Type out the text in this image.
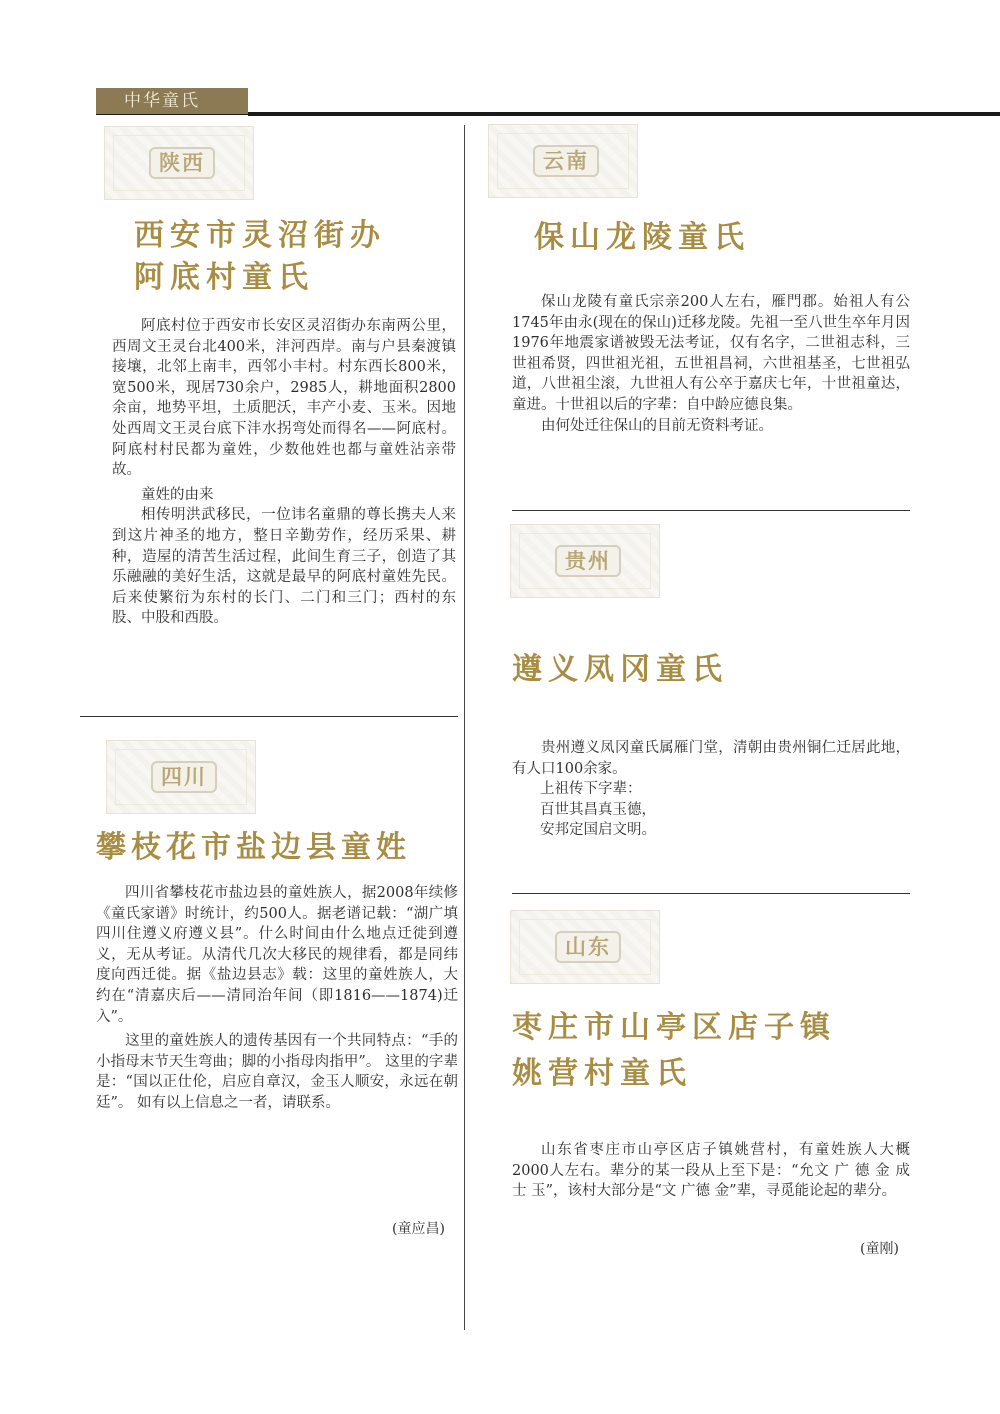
中华童氏
陕西
西安市灵沼街办
阿底村童氏

阿底村位于西安市长安区灵沼街办东南两公里，西周文王灵台北400米，沣河西岸。南与户县秦渡镇接壤，北邻上南丰，西邻小丰村。村东西长800米，宽500米，现居730余户，2985人，耕地面积2800余亩，地势平坦，土质肥沃，丰产小麦、玉米。因地处西周文王灵台底下沣水拐弯处而得名——阿底村。阿底村村民都为童姓，少数他姓也都与童姓沾亲带故。

童姓的由来

相传明洪武移民，一位讳名童鼎的尊长携夫人来到这片神圣的地方，整日辛勤劳作，经历采果、耕种，造屋的清苦生活过程，此间生育三子，创造了其乐融融的美好生活，这就是最早的阿底村童姓先民。后来使繁衍为东村的长门、二门和三门；西村的东股、中股和西股。

四川
攀枝花市盐边县童姓

四川省攀枝花市盐边县的童姓族人，据2008年续修《童氏家谱》时统计，约500人。据老谱记载：“湖广填四川住遵义府遵义县”。什么时间由什么地点迁徙到遵义，无从考证。从清代几次大移民的规律看，都是同纬度向西迁徙。据《盐边县志》载：这里的童姓族人，大约在“清嘉庆后——清同治年间（即1816——1874)迁入”。

这里的童姓族人的遗传基因有一个共同特点：“手的小指母末节天生弯曲；脚的小指母肉指甲”。 这里的字辈是：“国以正仕伦，启应自章汉，金玉人顺安，永远在朝廷”。 如有以上信息之一者，请联系。

(童应昌)
云南
保山龙陵童氏

保山龙陵有童氏宗亲200人左右，雁門郡。始祖人有公1745年由永(现在的保山)迁移龙陵。先祖一至八世生卒年月因1976年地震家谱被毁无法考证，仅有名字，二世祖志科，三世祖希贤，四世祖光祖，五世祖昌祠，六世祖基圣，七世祖弘道，八世祖尘滚，九世祖人有公卒于嘉庆七年，十世祖童达，童进。十世祖以后的字辈：自中龄应德良集。

由何处迁往保山的目前无资料考证。

贵州
遵义凤冈童氏

贵州遵义凤冈童氏属雁门堂，清朝由贵州铜仁迁居此地，有人口100余家。

上祖传下字辈：

百世其昌真玉德，

安邦定国启文明。

山东
枣庄市山亭区店子镇
姚营村童氏

山东省枣庄市山亭区店子镇姚营村，有童姓族人大概2000人左右。辈分的某一段从上至下是：“允文 广 德 金 成 士 玉”，该村大部分是“文 广德 金”辈，寻觅能论起的辈分。

(童刚)
